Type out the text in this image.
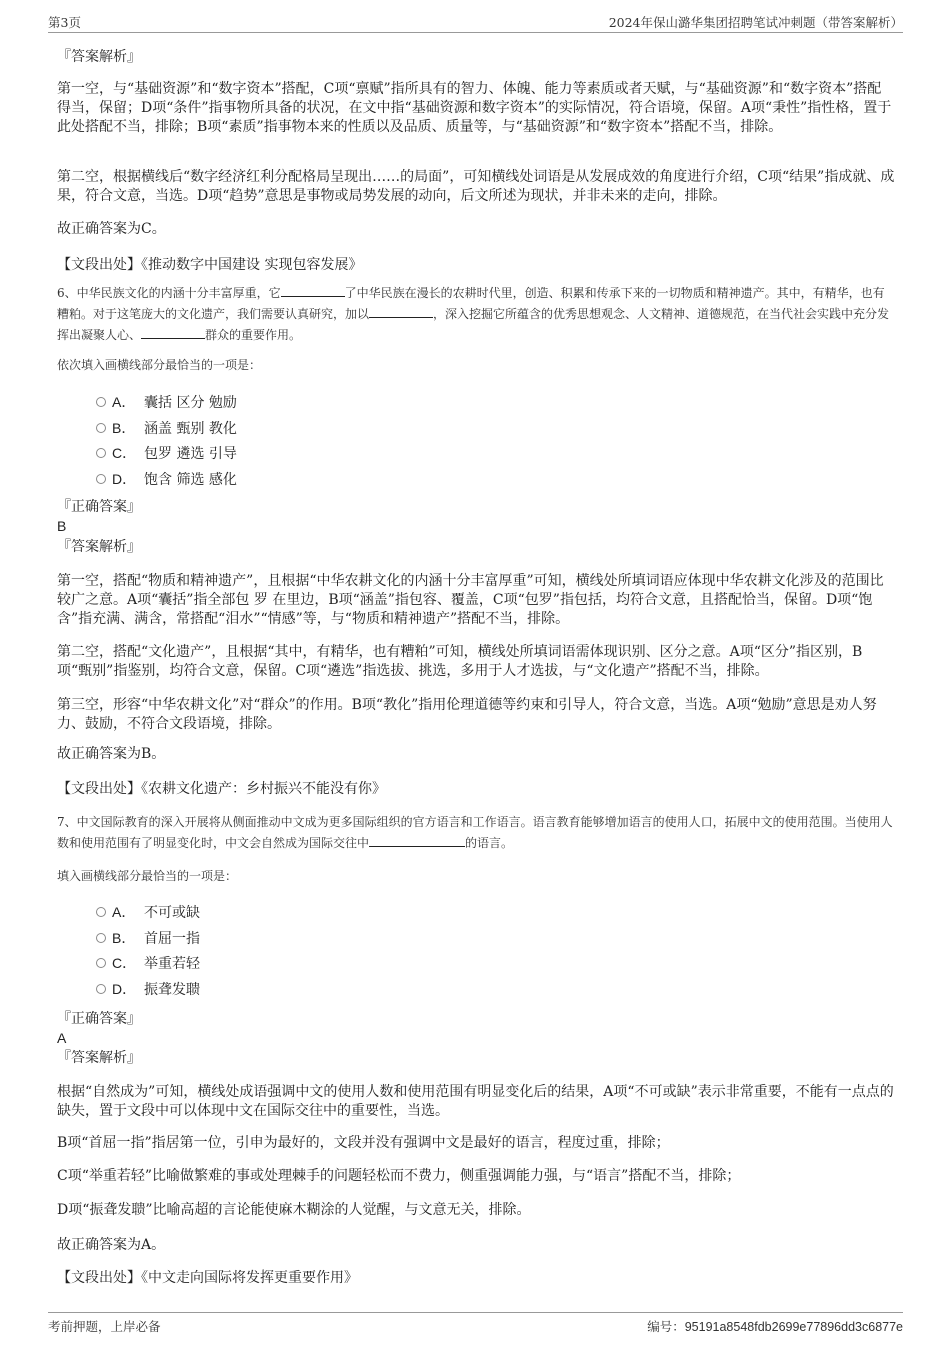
第3页	2024年保山潞华集团招聘笔试冲刺题（带答案解析）
『答案解析』

第一空，与“基础资源”和“数字资本”搭配，C项“禀赋”指所具有的智力、体魄、能力等素质或者天赋，与“基础资源”和“数字资本”搭配得当，保留；D项“条件”指事物所具备的状况，在文中指“基础资源和数字资本”的实际情况，符合语境，保留。A项“秉性”指性格，置于此处搭配不当，排除；B项“素质”指事物本来的性质以及品质、质量等，与“基础资源”和“数字资本”搭配不当，排除。

第二空，根据横线后“数字经济红利分配格局呈现出……的局面”，可知横线处词语是从发展成效的角度进行介绍，C项“结果”指成就、成果，符合文意，当选。D项“趋势”意思是事物或局势发展的动向，后文所述为现状，并非未来的走向，排除。

故正确答案为C。

【文段出处】《推动数字中国建设 实现包容发展》

6、中华民族文化的内涵十分丰富厚重，它	了中华民族在漫长的农耕时代里，创造、积累和传承下来的一切物质和精神遗产。其中，有精华，也有糟粕。对于这笔庞大的文化遗产，我们需要认真研究，加以	，深入挖掘它所蕴含的优秀思想观念、人文精神、道德规范，在当代社会实践中充分发挥出凝聚人心、	群众的重要作用。

依次填入画横线部分最恰当的一项是：

A． 囊括 区分 勉励
B． 涵盖 甄别 教化
C． 包罗 遴选 引导
D． 饱含 筛选 感化
『正确答案』
B
『答案解析』

第一空，搭配“物质和精神遗产”，且根据“中华农耕文化的内涵十分丰富厚重”可知，横线处所填词语应体现中华农耕文化涉及的范围比较广之意。A项“囊括”指全部包 罗 在里边，B项“涵盖”指包容、覆盖，C项“包罗”指包括，均符合文意，且搭配恰当，保留。D项“饱含”指充满、满含，常搭配“泪水”“情感”等，与“物质和精神遗产”搭配不当，排除。

第二空，搭配“文化遗产”，且根据“其中，有精华，也有糟粕”可知，横线处所填词语需体现识别、区分之意。A项“区分”指区别，B项“甄别”指鉴别，均符合文意，保留。C项“遴选”指选拔、挑选，多用于人才选拔，与“文化遗产”搭配不当，排除。

第三空，形容“中华农耕文化”对“群众”的作用。B项“教化”指用伦理道德等约束和引导人，符合文意，当选。A项“勉励”意思是劝人努力、鼓励，不符合文段语境，排除。

故正确答案为B。

【文段出处】《农耕文化遗产：乡村振兴不能没有你》

7、中文国际教育的深入开展将从侧面推动中文成为更多国际组织的官方语言和工作语言。语言教育能够增加语言的使用人口，拓展中文的使用范围。当使用人数和使用范围有了明显变化时，中文会自然成为国际交往中	的语言。

填入画横线部分最恰当的一项是：

A． 不可或缺
B． 首屈一指
C． 举重若轻
D． 振聋发聩
『正确答案』
A
『答案解析』

根据“自然成为”可知，横线处成语强调中文的使用人数和使用范围有明显变化后的结果，A项“不可或缺”表示非常重要，不能有一点点的缺失，置于文段中可以体现中文在国际交往中的重要性，当选。

B项“首屈一指”指居第一位，引申为最好的，文段并没有强调中文是最好的语言，程度过重，排除；

C项“举重若轻”比喻做繁难的事或处理棘手的问题轻松而不费力，侧重强调能力强，与“语言”搭配不当，排除；

D项“振聋发聩”比喻高超的言论能使麻木糊涂的人觉醒，与文意无关，排除。

故正确答案为A。

【文段出处】《中文走向国际将发挥更重要作用》

考前押题，上岸必备	编号：95191a8548fdb2699e77896dd3c6877e
